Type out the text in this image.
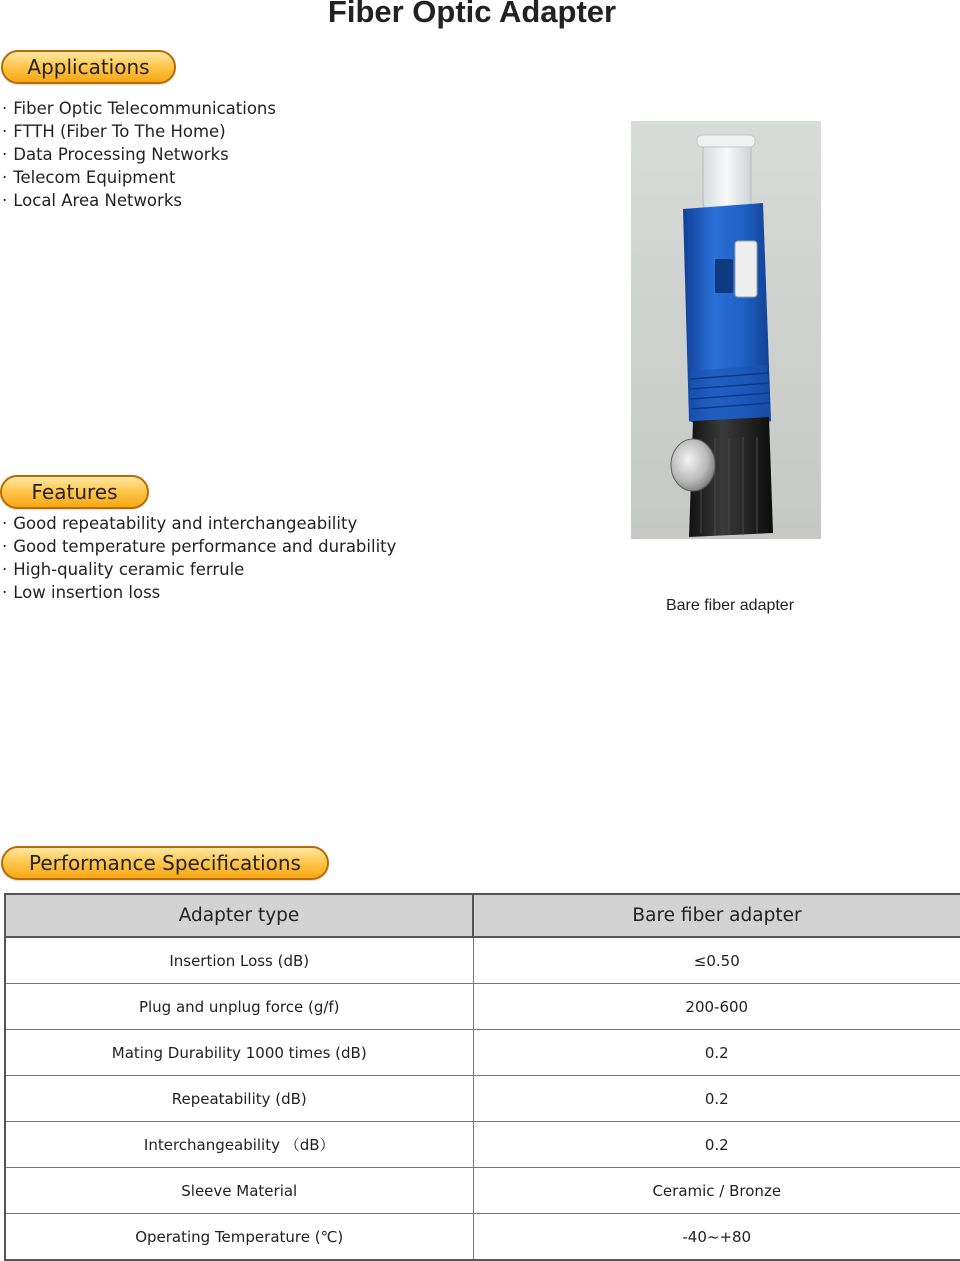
Fiber Optic Adapter
Applications
· Fiber Optic Telecommunications
· FTTH (Fiber To The Home)
· Data Processing Networks
· Telecom Equipment
· Local Area Networks
Bare fiber adapter
Features
· Good repeatability and interchangeability
· Good temperature performance and durability
· High-quality ceramic ferrule
· Low insertion loss
Performance Specifications
Adapter type	Bare fiber adapter
Insertion Loss (dB)	≤0.50
Plug and unplug force (g/f)	200-600
Mating Durability 1000 times (dB)	0.2
Repeatability (dB)	0.2
Interchangeability （dB）	0.2
Sleeve Material	Ceramic / Bronze
Operating Temperature (℃)	-40~+80
